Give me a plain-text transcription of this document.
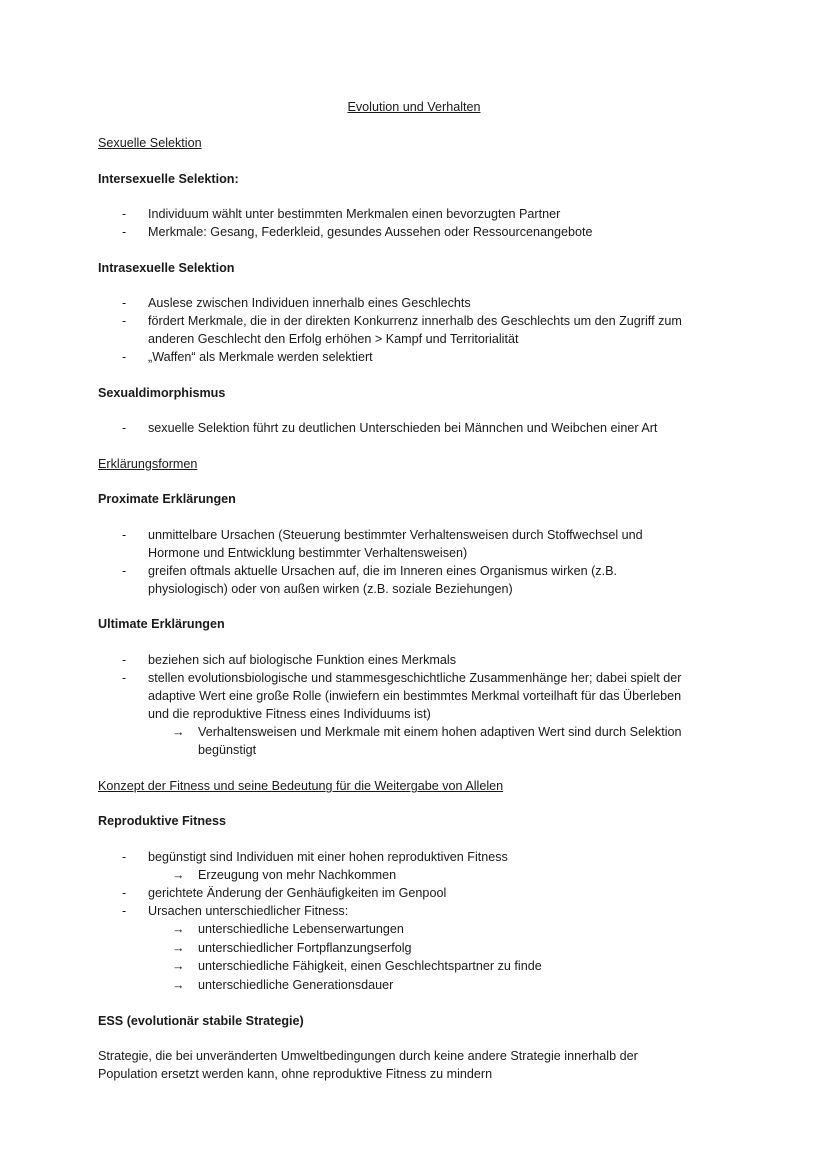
Evolution und Verhalten
Sexuelle Selektion
Intersexuelle Selektion:
- Individuum wählt unter bestimmten Merkmalen einen bevorzugten Partner
- Merkmale: Gesang, Federkleid, gesundes Aussehen oder Ressourcenangebote
Intrasexuelle Selektion
- Auslese zwischen Individuen innerhalb eines Geschlechts
- fördert Merkmale, die in der direkten Konkurrenz innerhalb des Geschlechts um den Zugriff zum
anderen Geschlecht den Erfolg erhöhen > Kampf und Territorialität
- „Waffen“ als Merkmale werden selektiert
Sexualdimorphismus
- sexuelle Selektion führt zu deutlichen Unterschieden bei Männchen und Weibchen einer Art
Erklärungsformen
Proximate Erklärungen
- unmittelbare Ursachen (Steuerung bestimmter Verhaltensweisen durch Stoffwechsel und
Hormone und Entwicklung bestimmter Verhaltensweisen)
- greifen oftmals aktuelle Ursachen auf, die im Inneren eines Organismus wirken (z.B.
physiologisch) oder von außen wirken (z.B. soziale Beziehungen)
Ultimate Erklärungen
- beziehen sich auf biologische Funktion eines Merkmals
- stellen evolutionsbiologische und stammesgeschichtliche Zusammenhänge her; dabei spielt der
adaptive Wert eine große Rolle (inwiefern ein bestimmtes Merkmal vorteilhaft für das Überleben
und die reproduktive Fitness eines Individuums ist)
→ Verhaltensweisen und Merkmale mit einem hohen adaptiven Wert sind durch Selektion
begünstigt
Konzept der Fitness und seine Bedeutung für die Weitergabe von Allelen
Reproduktive Fitness
- begünstigt sind Individuen mit einer hohen reproduktiven Fitness
→ Erzeugung von mehr Nachkommen
- gerichtete Änderung der Genhäufigkeiten im Genpool
- Ursachen unterschiedlicher Fitness:
→ unterschiedliche Lebenserwartungen
→ unterschiedlicher Fortpflanzungserfolg
→ unterschiedliche Fähigkeit, einen Geschlechtspartner zu finde
→ unterschiedliche Generationsdauer
ESS (evolutionär stabile Strategie)
Strategie, die bei unveränderten Umweltbedingungen durch keine andere Strategie innerhalb der
Population ersetzt werden kann, ohne reproduktive Fitness zu mindern
